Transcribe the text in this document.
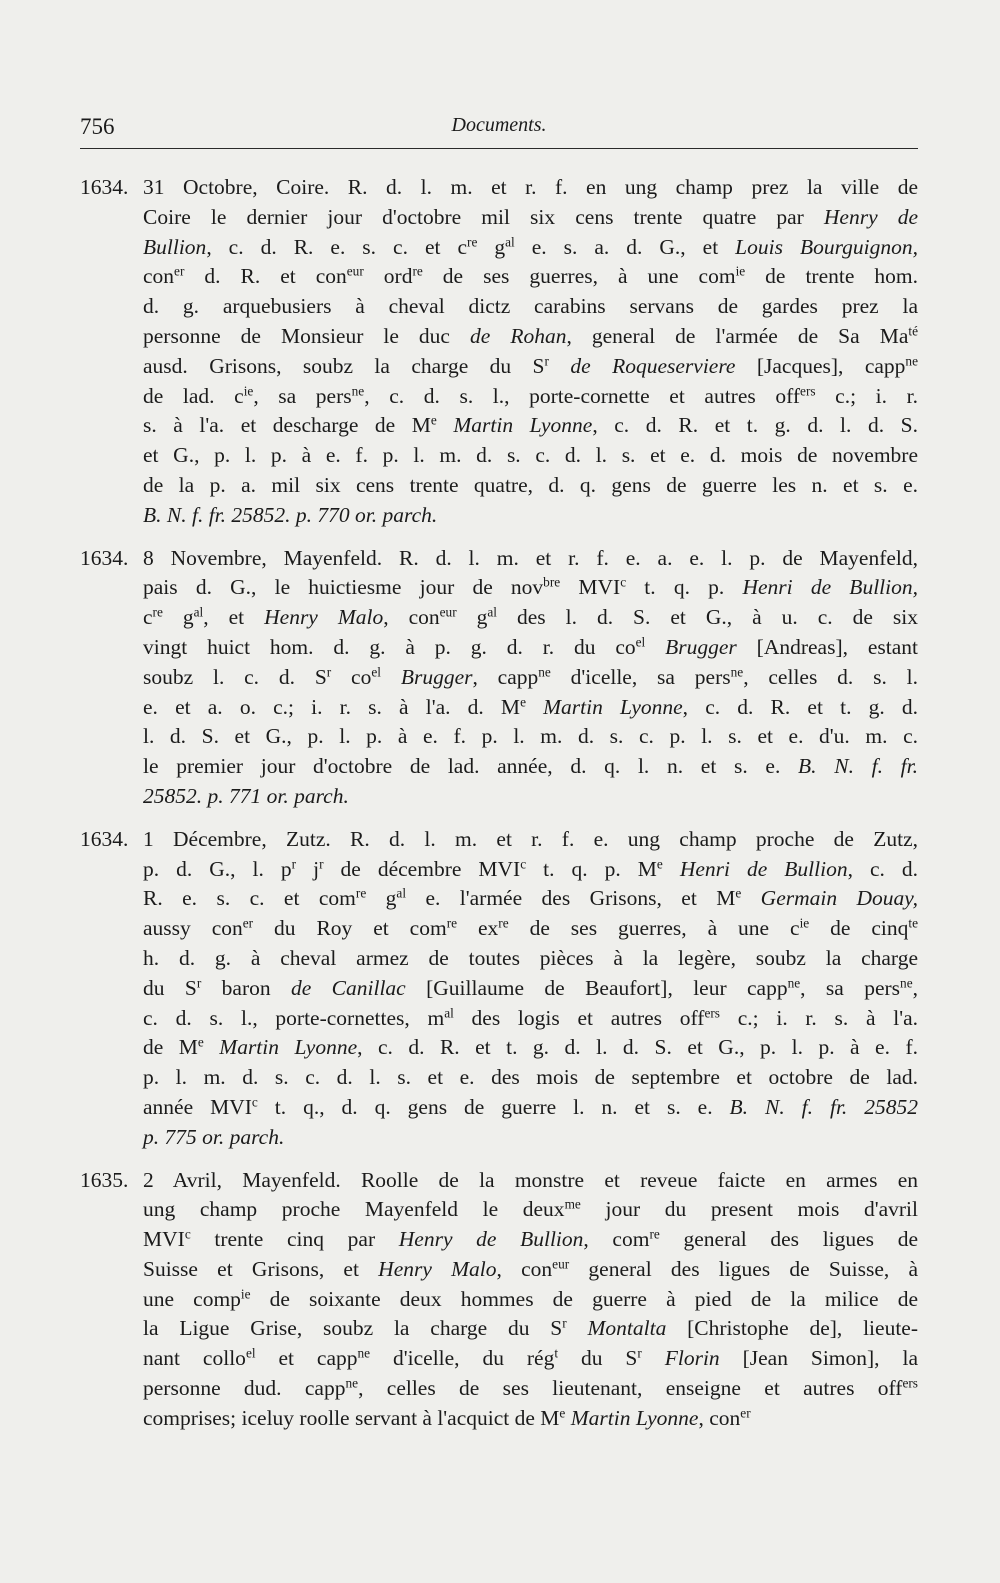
756	Documents.
1634. 31 Octobre, Coire. R. d. l. m. et r. f. en ung champ prez la ville de
Coire le dernier jour d'octobre mil six cens trente quatre par Henry de
Bullion, c. d. R. e. s. c. et $c^{re}$ $g^{al}$ e. s. a. d. G., et Louis Bourguignon,
con$^{er}$ d. R. et con$^{eur}$ ord$^{re}$ de ses guerres, à une com$^{ie}$ de trente hom.
d. g. arquebusiers à cheval dictz carabins servans de gardes prez la
personne de Monsieur le duc de Rohan, general de l'armée de Sa $Ma^{té}$
ausd. Grisons, soubz la charge du $S^r$ de Roqueserviere [Jacques], capp$^{ne}$
de lad. $c^{ie}$, sa pers$^{ne}$, c. d. s. l., porte-cornette et autres off$^{ers}$ c.; i. r.
s. à l'a. et descharge de Me Martin Lyonne, c. d. R. et t. g. d. l. d. S.
et G., p. l. p. à e. f. p. l. m. d. s. c. d. l. s. et e. d. mois de novembre
de la p. a. mil six cens trente quatre, d. q. gens de guerre les n. et s. e.
B. N. f. fr. 25852. p. 770 or. parch.
1634. 8 Novembre, Mayenfeld. R. d. l. m. et r. f. e. a. e. l. p. de Mayenfeld,
pais d. G., le huictiesme jour de nov$^{bre}$ MVI$^c$ t. q. p. Henri de Bullion,
$c^{re}$ $g^{al}$, et Henry Malo, con$^{eur}$ $g^{al}$ des l. d. S. et G., à u. c. de six
vingt huict hom. d. g. à p. g. d. r. du $co^{el}$ Brugger [Andreas], estant
soubz l. c. d. $S^r$ $co^{el}$ Brugger, capp$^{ne}$ d'icelle, sa pers$^{ne}$, celles d. s. l.
e. et a. o. c.; i. r. s. à l'a. d. Me Martin Lyonne, c. d. R. et t. g. d.
l. d. S. et G., p. l. p. à e. f. p. l. m. d. s. c. p. l. s. et e. d'u. m. c.
le premier jour d'octobre de lad. année, d. q. l. n. et s. e. B. N. f. fr.
25852. p. 771 or. parch.
1634. 1 Décembre, Zutz. R. d. l. m. et r. f. e. ung champ proche de Zutz,
p. d. G., l. $p^r$ $j^r$ de décembre MVI$^c$ t. q. p. Me Henri de Bullion, c. d.
R. e. s. c. et com$^{re}$ $g^{al}$ e. l'armée des Grisons, et Me Germain Douay,
aussy con$^{er}$ du Roy et com$^{re}$ $ex^{re}$ de ses guerres, à une $c^{ie}$ de cinq$^{te}$
h. d. g. à cheval armez de toutes pièces à la legère, soubz la charge
du $S^r$ baron de Canillac [Guillaume de Beaufort], leur capp$^{ne}$, sa pers$^{ne}$,
c. d. s. l., porte-cornettes, $m^{al}$ des logis et autres off$^{ers}$ c.; i. r. s. à l'a.
de Me Martin Lyonne, c. d. R. et t. g. d. l. d. S. et G., p. l. p. à e. f.
p. l. m. d. s. c. d. l. s. et e. des mois de septembre et octobre de lad.
année MVI$^c$ t. q., d. q. gens de guerre l. n. et s. e. B. N. f. fr. 25852
p. 775 or. parch.
1635. 2 Avril, Mayenfeld. Roolle de la monstre et reveue faicte en armes en
ung champ proche Mayenfeld le deux$^{me}$ jour du present mois d'avril
MVI$^c$ trente cinq par Henry de Bullion, com$^{re}$ general des ligues de
Suisse et Grisons, et Henry Malo, con$^{eur}$ general des ligues de Suisse, à
une comp$^{ie}$ de soixante deux hommes de guerre à pied de la milice de
la Ligue Grise, soubz la charge du $S^r$ Montalta [Christophe de], lieute-
nant collo$^{el}$ et capp$^{ne}$ d'icelle, du rég$^t$ du $S^r$ Florin [Jean Simon], la
personne dud. capp$^{ne}$, celles de ses lieutenant, enseigne et autres off$^{ers}$
comprises; iceluy roolle servant à l'acquict de Me Martin Lyonne, con$^{er}$
